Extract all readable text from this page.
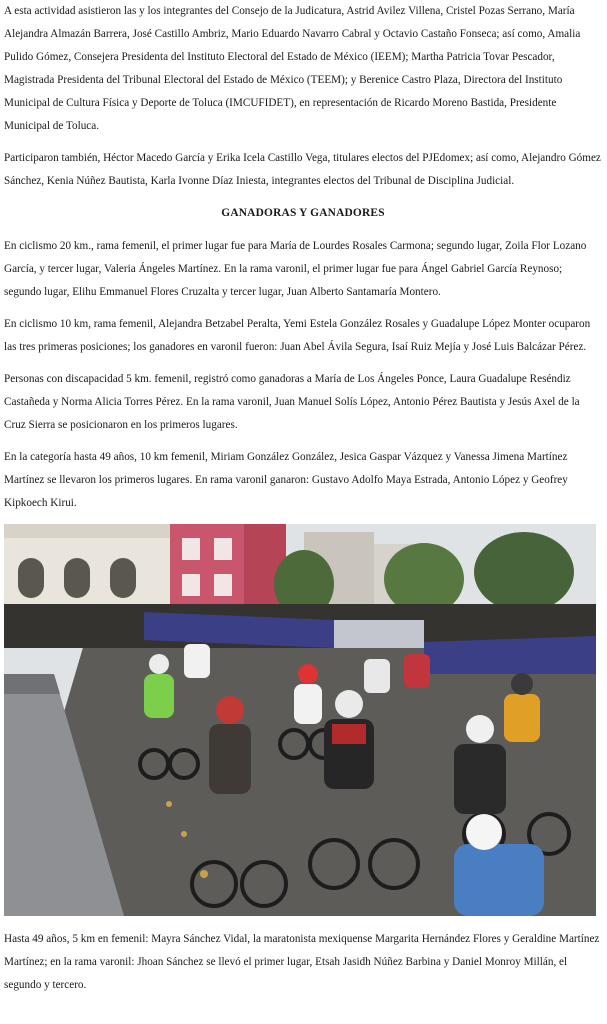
A esta actividad asistieron las y los integrantes del Consejo de la Judicatura, Astrid Avilez Villena, Cristel Pozas Serrano, María Alejandra Almazán Barrera, José Castillo Ambriz, Mario Eduardo Navarro Cabral y Octavio Castaño Fonseca; así como, Amalia Pulido Gómez, Consejera Presidenta del Instituto Electoral del Estado de México (IEEM); Martha Patricia Tovar Pescador, Magistrada Presidenta del Tribunal Electoral del Estado de México (TEEM); y Berenice Castro Plaza, Directora del Instituto Municipal de Cultura Física y Deporte de Toluca (IMCUFIDET), en representación de Ricardo Moreno Bastida, Presidente Municipal de Toluca.

Participaron también, Héctor Macedo García y Erika Icela Castillo Vega, titulares electos del PJEdomex; así como, Alejandro Gómez Sánchez, Kenia Núñez Bautista, Karla Ivonne Díaz Iniesta, integrantes electos del Tribunal de Disciplina Judicial.

GANADORAS Y GANADORES

En ciclismo 20 km., rama femenil, el primer lugar fue para María de Lourdes Rosales Carmona; segundo lugar, Zoila Flor Lozano García, y tercer lugar, Valeria Ángeles Martínez. En la rama varonil, el primer lugar fue para Ángel Gabriel García Reynoso; segundo lugar, Elihu Emmanuel Flores Cruzalta y tercer lugar, Juan Alberto Santamaría Montero.

En ciclismo 10 km, rama femenil, Alejandra Betzabel Peralta, Yemi Estela González Rosales y Guadalupe López Monter ocuparon las tres primeras posiciones; los ganadores en varonil fueron: Juan Abel Ávila Segura, Isaí Ruiz Mejía y José Luis Balcázar Pérez.

Personas con discapacidad 5 km. femenil, registró como ganadoras a María de Los Ángeles Ponce, Laura Guadalupe Reséndiz Castañeda y Norma Alicia Torres Pérez. En la rama varonil, Juan Manuel Solís López, Antonio Pérez Bautista y Jesús Axel de la Cruz Sierra se posicionaron en los primeros lugares.

En la categoría hasta 49 años, 10 km femenil, Miriam González González, Jesica Gaspar Vázquez y Vanessa Jimena Martínez Martínez se llevaron los primeros lugares. En rama varonil ganaron: Gustavo Adolfo Maya Estrada, Antonio López y Geofrey Kipkoech Kirui.

Hasta 49 años, 5 km en femenil: Mayra Sánchez Vidal, la maratonista mexiquense Margarita Hernández Flores y Geraldine Martínez Martínez; en la rama varonil: Jhoan Sánchez se llevó el primer lugar, Etsah Jasidh Núñez Barbina y Daniel Monroy Millán, el segundo y tercero.
